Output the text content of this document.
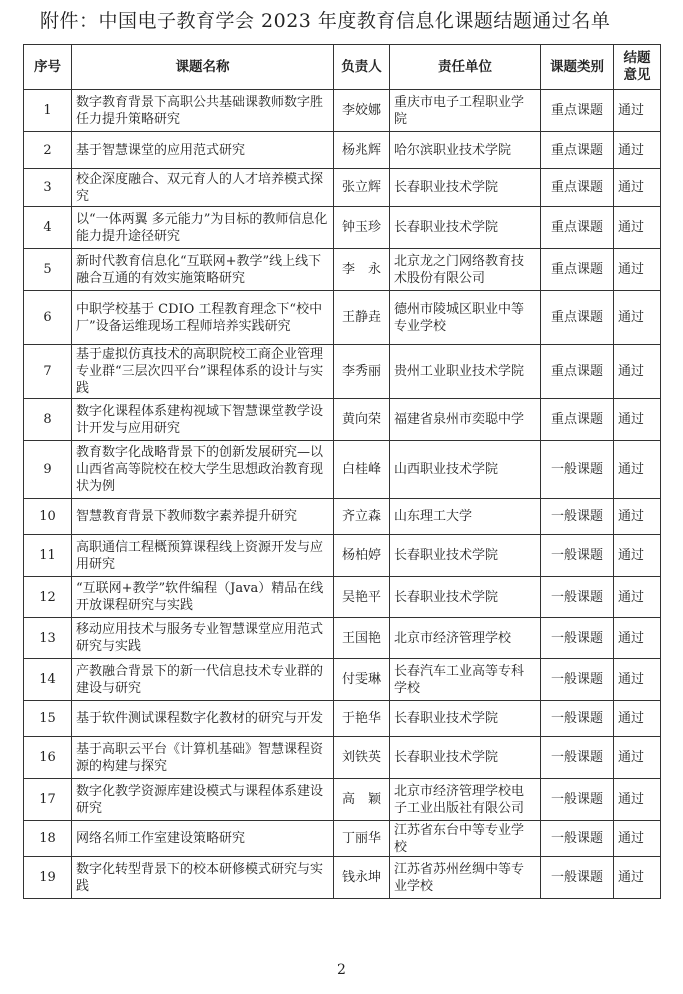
附件：中国电子教育学会 2023 年度教育信息化课题结题通过名单
序号	课题名称	负责人	责任单位	课题类别	结题意见
1	数字教育背景下高职公共基础课教师数字胜任力提升策略研究	李姣娜	重庆市电子工程职业学院	重点课题	通过
2	基于智慧课堂的应用范式研究	杨兆辉	哈尔滨职业技术学院	重点课题	通过
3	校企深度融合、双元育人的人才培养模式探究	张立辉	长春职业技术学院	重点课题	通过
4	以“一体两翼 多元能力”为目标的教师信息化能力提升途径研究	钟玉珍	长春职业技术学院	重点课题	通过
5	新时代教育信息化“互联网+教学”线上线下融合互通的有效实施策略研究	李　永	北京龙之门网络教育技术股份有限公司	重点课题	通过
6	中职学校基于 CDIO 工程教育理念下“校中厂”设备运维现场工程师培养实践研究	王静垚	德州市陵城区职业中等专业学校	重点课题	通过
7	基于虚拟仿真技术的高职院校工商企业管理专业群“三层次四平台”课程体系的设计与实践	李秀丽	贵州工业职业技术学院	重点课题	通过
8	数字化课程体系建构视域下智慧课堂教学设计开发与应用研究	黄向荣	福建省泉州市奕聪中学	重点课题	通过
9	教育数字化战略背景下的创新发展研究—以山西省高等院校在校大学生思想政治教育现状为例	白桂峰	山西职业技术学院	一般课题	通过
10	智慧教育背景下教师数字素养提升研究	齐立森	山东理工大学	一般课题	通过
11	高职通信工程概预算课程线上资源开发与应用研究	杨柏婷	长春职业技术学院	一般课题	通过
12	“互联网+教学”软件编程（Java）精品在线开放课程研究与实践	吴艳平	长春职业技术学院	一般课题	通过
13	移动应用技术与服务专业智慧课堂应用范式研究与实践	王国艳	北京市经济管理学校	一般课题	通过
14	产教融合背景下的新一代信息技术专业群的建设与研究	付雯琳	长春汽车工业高等专科学校	一般课题	通过
15	基于软件测试课程数字化教材的研究与开发	于艳华	长春职业技术学院	一般课题	通过
16	基于高职云平台《计算机基础》智慧课程资源的构建与探究	刘铁英	长春职业技术学院	一般课题	通过
17	数字化教学资源库建设模式与课程体系建设研究	高　颖	北京市经济管理学校电子工业出版社有限公司	一般课题	通过
18	网络名师工作室建设策略研究	丁丽华	江苏省东台中等专业学校	一般课题	通过
19	数字化转型背景下的校本研修模式研究与实践	钱永坤	江苏省苏州丝绸中等专业学校	一般课题	通过
2
